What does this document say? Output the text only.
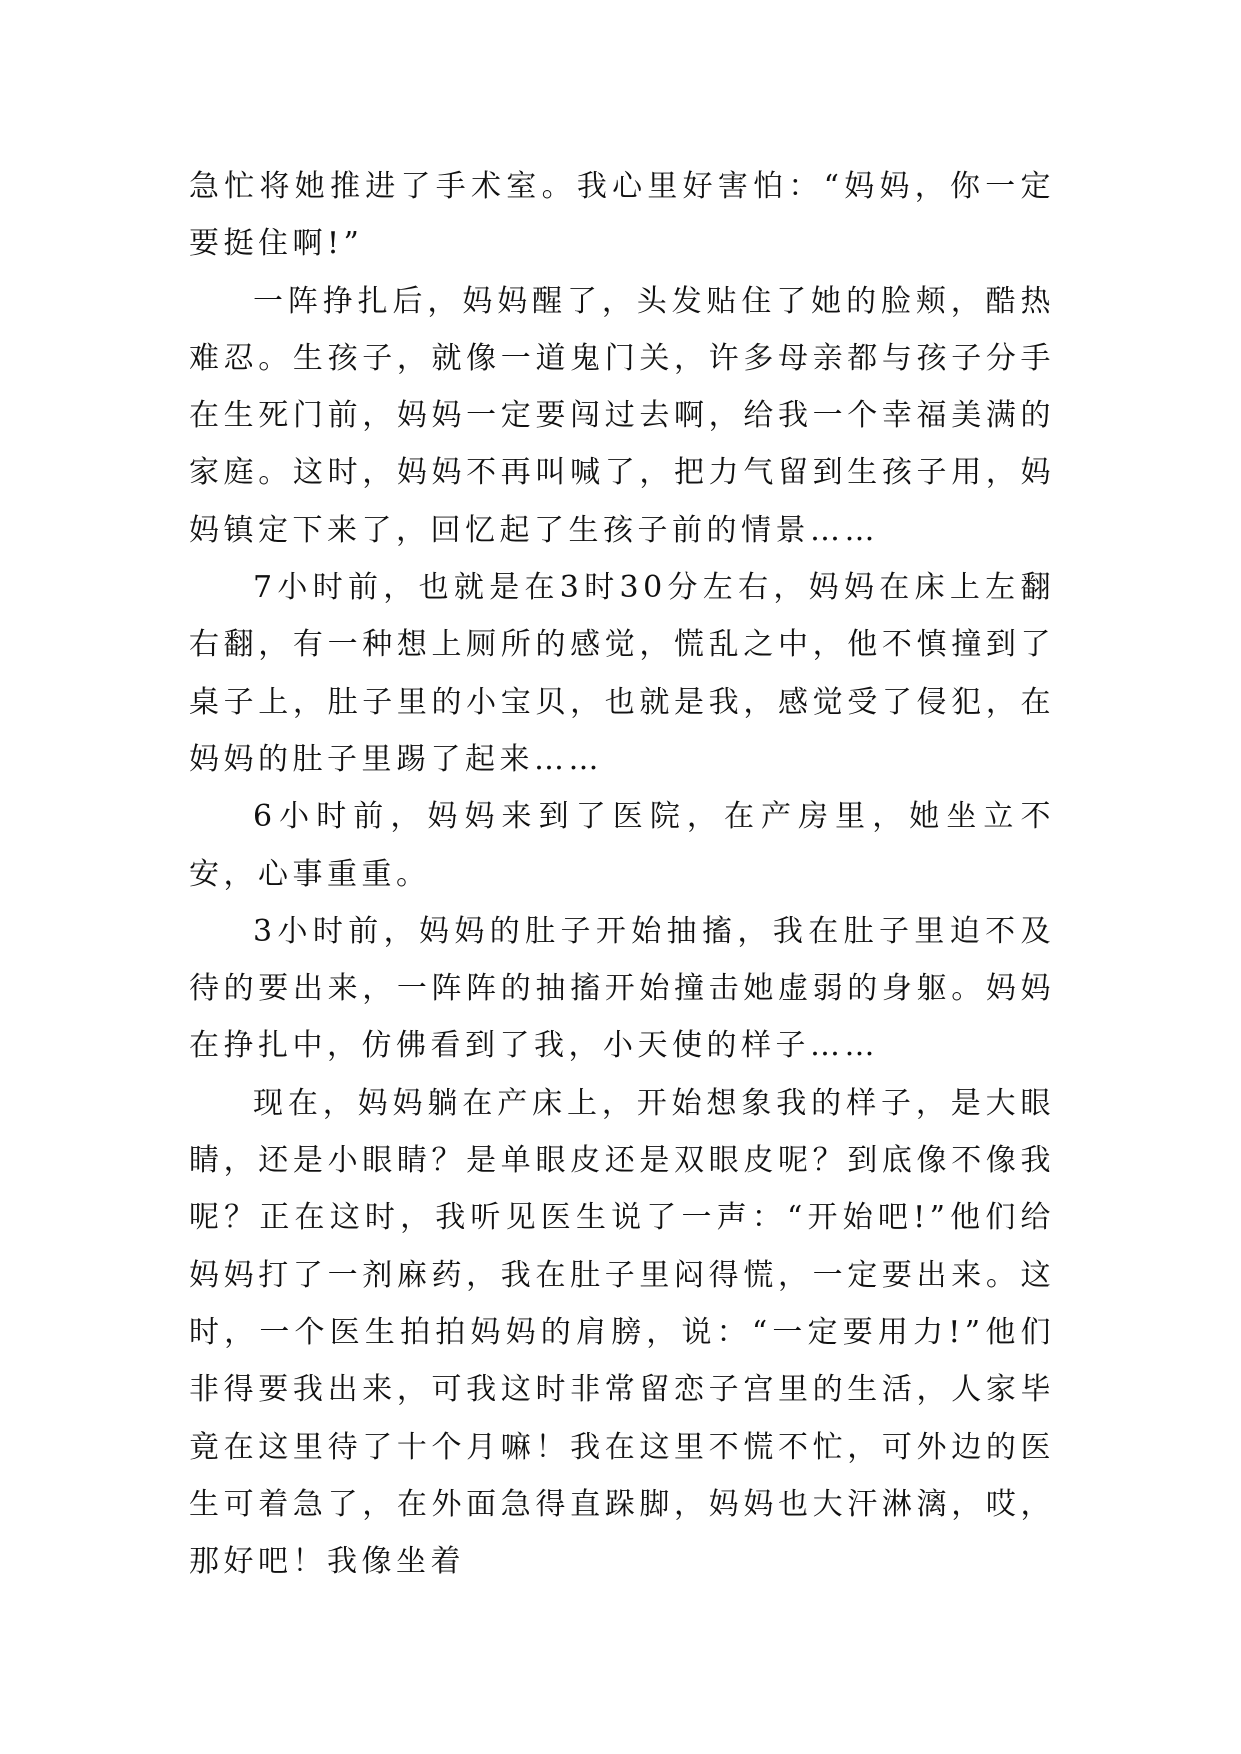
急忙将她推进了手术室。我心里好害怕：“妈妈，你一定要挺住啊!”

一阵挣扎后，妈妈醒了，头发贴住了她的脸颊，酷热难忍。生孩子，就像一道鬼门关，许多母亲都与孩子分手在生死门前，妈妈一定要闯过去啊，给我一个幸福美满的家庭。这时，妈妈不再叫喊了，把力气留到生孩子用，妈妈镇定下来了，回忆起了生孩子前的情景……

7小时前，也就是在3时30分左右，妈妈在床上左翻右翻，有一种想上厕所的感觉，慌乱之中，他不慎撞到了桌子上，肚子里的小宝贝，也就是我，感觉受了侵犯，在妈妈的肚子里踢了起来……

6小时前，妈妈来到了医院，在产房里，她坐立不安，心事重重。

3小时前，妈妈的肚子开始抽搐，我在肚子里迫不及待的要出来，一阵阵的抽搐开始撞击她虚弱的身躯。妈妈在挣扎中，仿佛看到了我，小天使的样子……

现在，妈妈躺在产床上，开始想象我的样子，是大眼睛，还是小眼睛？是单眼皮还是双眼皮呢？到底像不像我呢？正在这时，我听见医生说了一声：“开始吧!”他们给妈妈打了一剂麻药，我在肚子里闷得慌，一定要出来。这时，一个医生拍拍妈妈的肩膀，说：“一定要用力!”他们非得要我出来，可我这时非常留恋子宫里的生活，人家毕竟在这里待了十个月嘛！我在这里不慌不忙，可外边的医生可着急了，在外面急得直跺脚，妈妈也大汗淋漓，哎，那好吧！我像坐着
